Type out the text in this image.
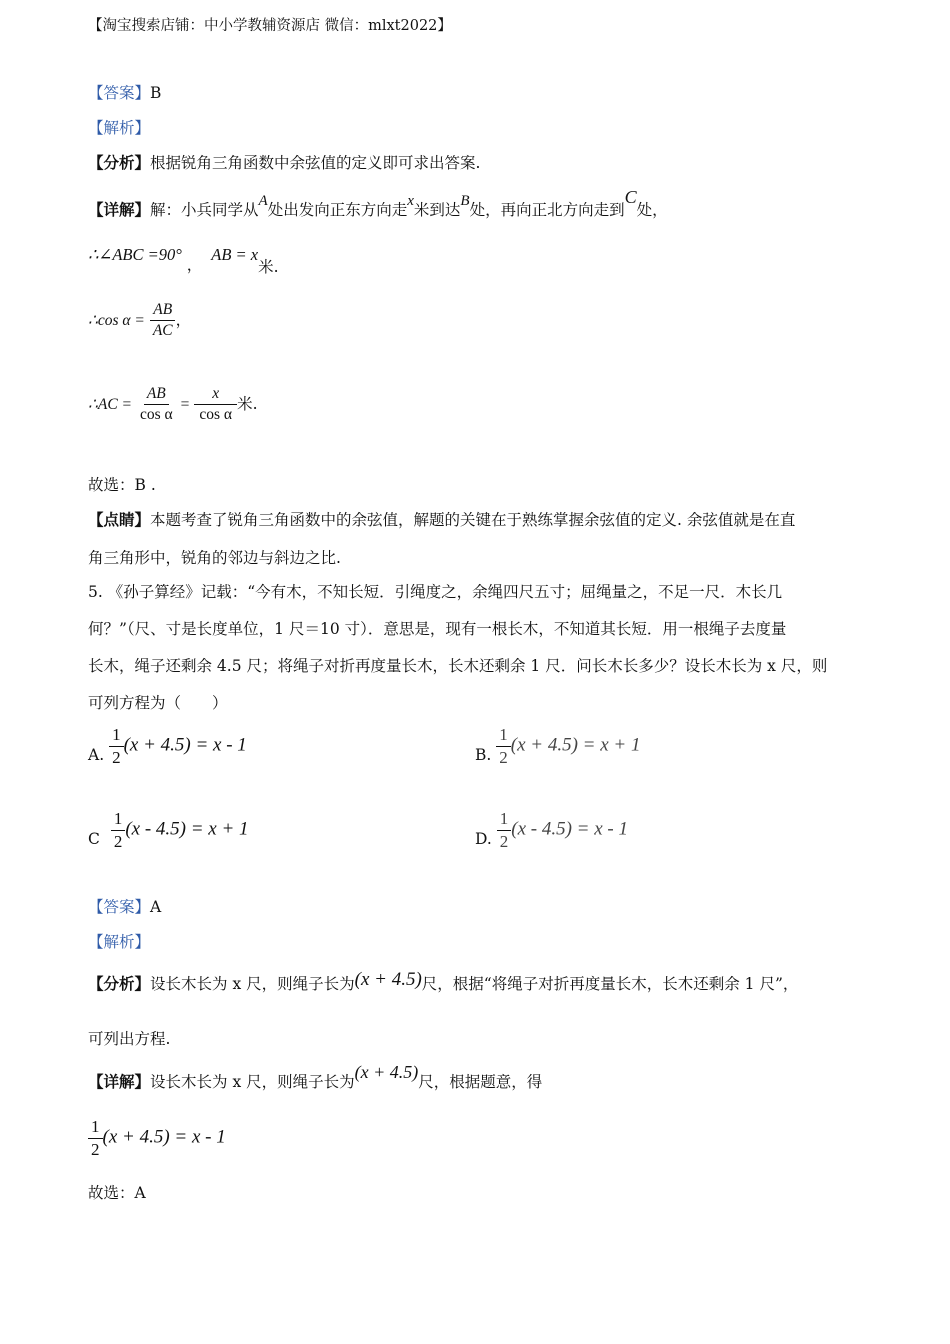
【淘宝搜索店铺：中小学教辅资源店 微信：mlxt2022】
【答案】B
【解析】
【分析】根据锐角三角函数中余弦值的定义即可求出答案.
【详解】解：小兵同学从A处出发向正东方向走x米到达B处，再向正北方向走到C处，
∴∠ABC =90° ， AB = x米.
∴cos $\alpha = \frac{AB}{AC}$ ，
∴AC = $\frac{AB}{\text{cos α}} = \frac{x}{\text{cos α}}$ 米.
故选：B .
【点睛】本题考查了锐角三角函数中的余弦值，解题的关键在于熟练掌握余弦值的定义. 余弦值就是在直
角三角形中，锐角的邻边与斜边之比.
5. 《孙子算经》记载：“今有木，不知长短．引绳度之，余绳四尺五寸；屈绳量之，不足一尺．木长几
何？”（尺、寸是长度单位，1 尺＝10 寸）．意思是，现有一根长木，不知道其长短．用一根绳子去度量
长木，绳子还剩余 4.5 尺；将绳子对折再度量长木，长木还剩余 1 尺．问长木长多少？设长木长为 x 尺，则
可列方程为（　　）
A. $\frac{1}{2} (x + 4.5) = x - 1$	B. $\frac{1}{2} (x + 4.5) = x + 1$
C $\frac{1}{2} (x - 4.5) = x + 1$	D. $\frac{1}{2} (x - 4.5) = x - 1$
【答案】A
【解析】
【分析】设长木长为 x 尺，则绳子长为(x + 4.5)尺，根据“将绳子对折再度量长木，长木还剩余 1 尺”，
可列出方程.
【详解】设长木长为 x 尺，则绳子长为(x + 4.5)尺，根据题意，得
$\frac{1}{2} (x + 4.5) = x - 1$
故选：A
